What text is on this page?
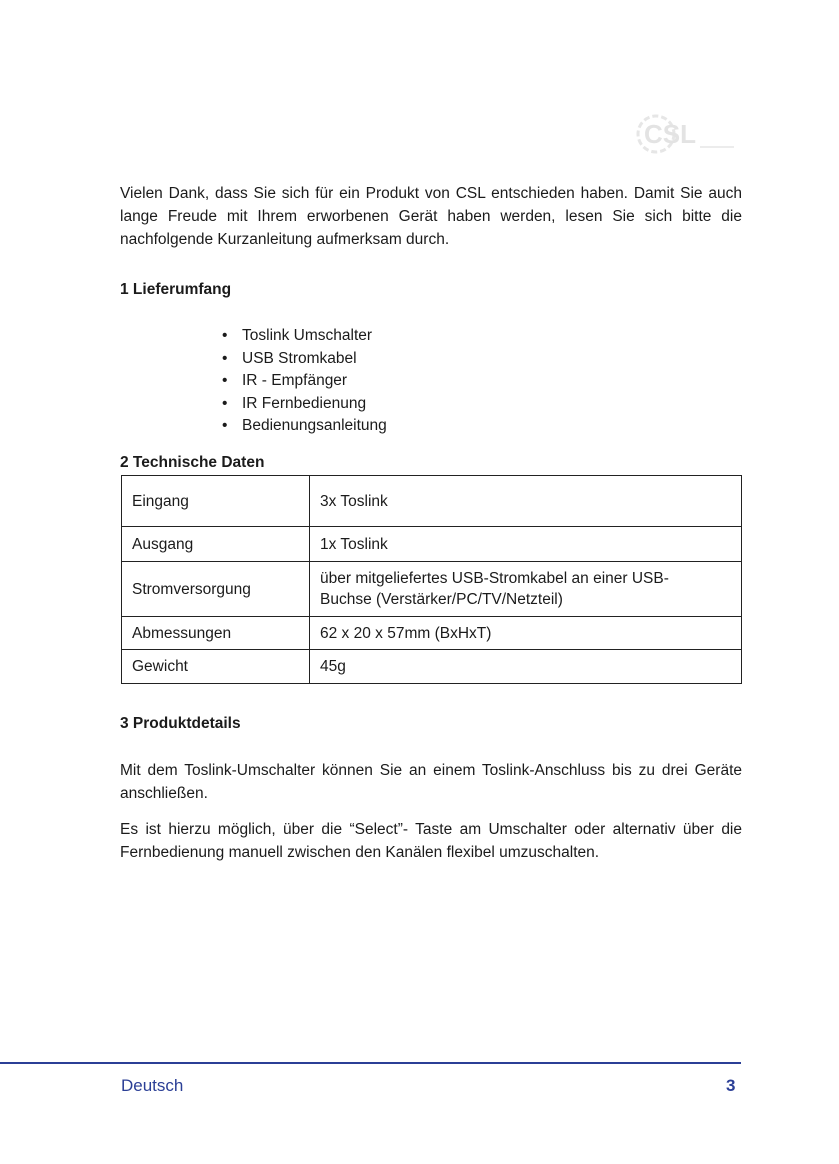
CSL

Vielen Dank, dass Sie sich für ein Produkt von CSL entschieden haben. Damit Sie auch lange Freude mit Ihrem erworbenen Gerät haben werden, lesen Sie sich bitte die nachfolgende Kurzanleitung aufmerksam durch.

1 Lieferumfang
• Toslink Umschalter
• USB Stromkabel
• IR - Empfänger
• IR Fernbedienung
• Bedienungsanleitung
2 Technische Daten
Eingang	3x Toslink
Ausgang	1x Toslink
Stromversorgung	über mitgeliefertes USB-Stromkabel an einer USB-
Buchse (Verstärker/PC/TV/Netzteil)

Abmessungen	62 x 20 x 57mm (BxHxT)
Gewicht	45g
3 Produktdetails

Mit dem Toslink-Umschalter können Sie an einem Toslink-Anschluss bis zu drei Geräte anschließen.

Es ist hierzu möglich, über die “Select”- Taste am Umschalter oder alternativ über die Fernbedienung manuell zwischen den Kanälen flexibel umzuschalten.

Deutsch	3
